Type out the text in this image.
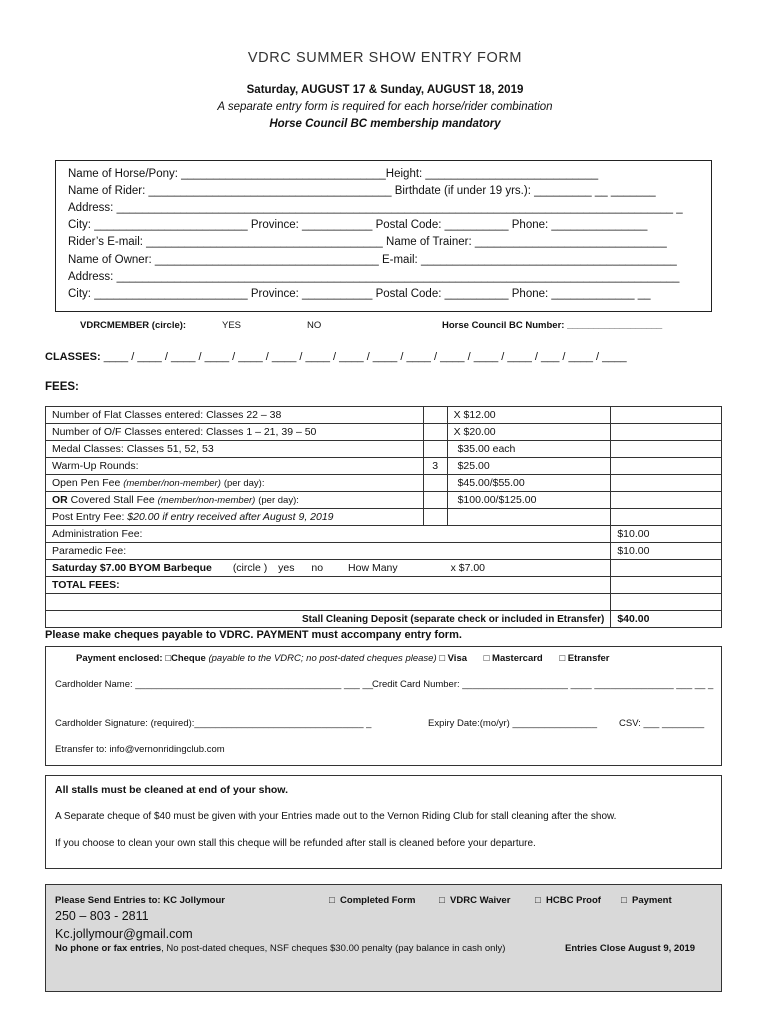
VDRC SUMMER SHOW ENTRY FORM
Saturday, AUGUST 17 & Sunday, AUGUST 18, 2019
A separate entry form is required for each horse/rider combination
Horse Council BC membership mandatory
Name of Horse/Pony: ________________________________Height: ___________________________
Name of Rider: ______________________________________ Birthdate (if under 19 yrs.): _________ __ _______
Address: _______________________________________________________________________________________ _
City: ________________________ Province: ___________ Postal Code: __________ Phone: _______________
Rider’s E-mail: _____________________________________ Name of Trainer: ______________________________
Name of Owner: ___________________________________ E-mail: ________________________________________
Address: ________________________________________________________________________________________
City: ________________________ Province: ___________ Postal Code: __________ Phone: _____________ __
VDRCMEMBER (circle):	YES	NO	Horse Council BC Number: __________________
CLASSES: ____ / ____ / ____ / ____ / ____ / ____ / ____ / ____ / ____ / ____ / ____ / ____ / ____ / ___ / ____ / ____
FEES:
Number of Flat Classes entered: Classes 22 – 38		X $12.00	
Number of O/F Classes entered: Classes 1 – 21, 39 – 50		X $20.00	
Medal Classes: Classes 51, 52, 53		$35.00 each	
Warm-Up Rounds:	3	$25.00	
Open Pen Fee (member/non-member) (per day):		$45.00/$55.00	
OR Covered Stall Fee (member/non-member) (per day):		$100.00/$125.00	
Post Entry Fee: $20.00 if entry received after August 9, 2019			
Administration Fee:			$10.00
Paramedic Fee:			$10.00
Saturday $7.00 BYOM Barbeque (circle ) yes no How Many x $7.00			
TOTAL FEES:			

Stall Cleaning Deposit (separate check or included in Etransfer)			$40.00
Please make cheques payable to VDRC. PAYMENT must accompany entry form.
Payment enclosed: □Cheque (payable to the VDRC; no post-dated cheques please) □ Visa □ Mastercard □ Etransfer
Cardholder Name: _______________________________________ ___ __
Credit Card Number: ____________________ ____ _______________ ___ __ _
Cardholder Signature: (required):________________________________ _	Expiry Date:(mo/yr) ________________ CSV: ___ ________
Etransfer to: info@vernonridingclub.com
All stalls must be cleaned at end of your show.
A Separate cheque of $40 must be given with your Entries made out to the Vernon Riding Club for stall cleaning after the show.
If you choose to clean your own stall this cheque will be refunded after stall is cleaned before your departure.
Please Send Entries to: KC Jollymour	□ Completed Form □ VDRC Waiver	□ HCBC Proof □ Payment
250 – 803 - 2811
Kc.jollymour@gmail.com
No phone or fax entries, No post-dated cheques, NSF cheques $30.00 penalty (pay balance in cash only)	Entries Close August 9, 2019
